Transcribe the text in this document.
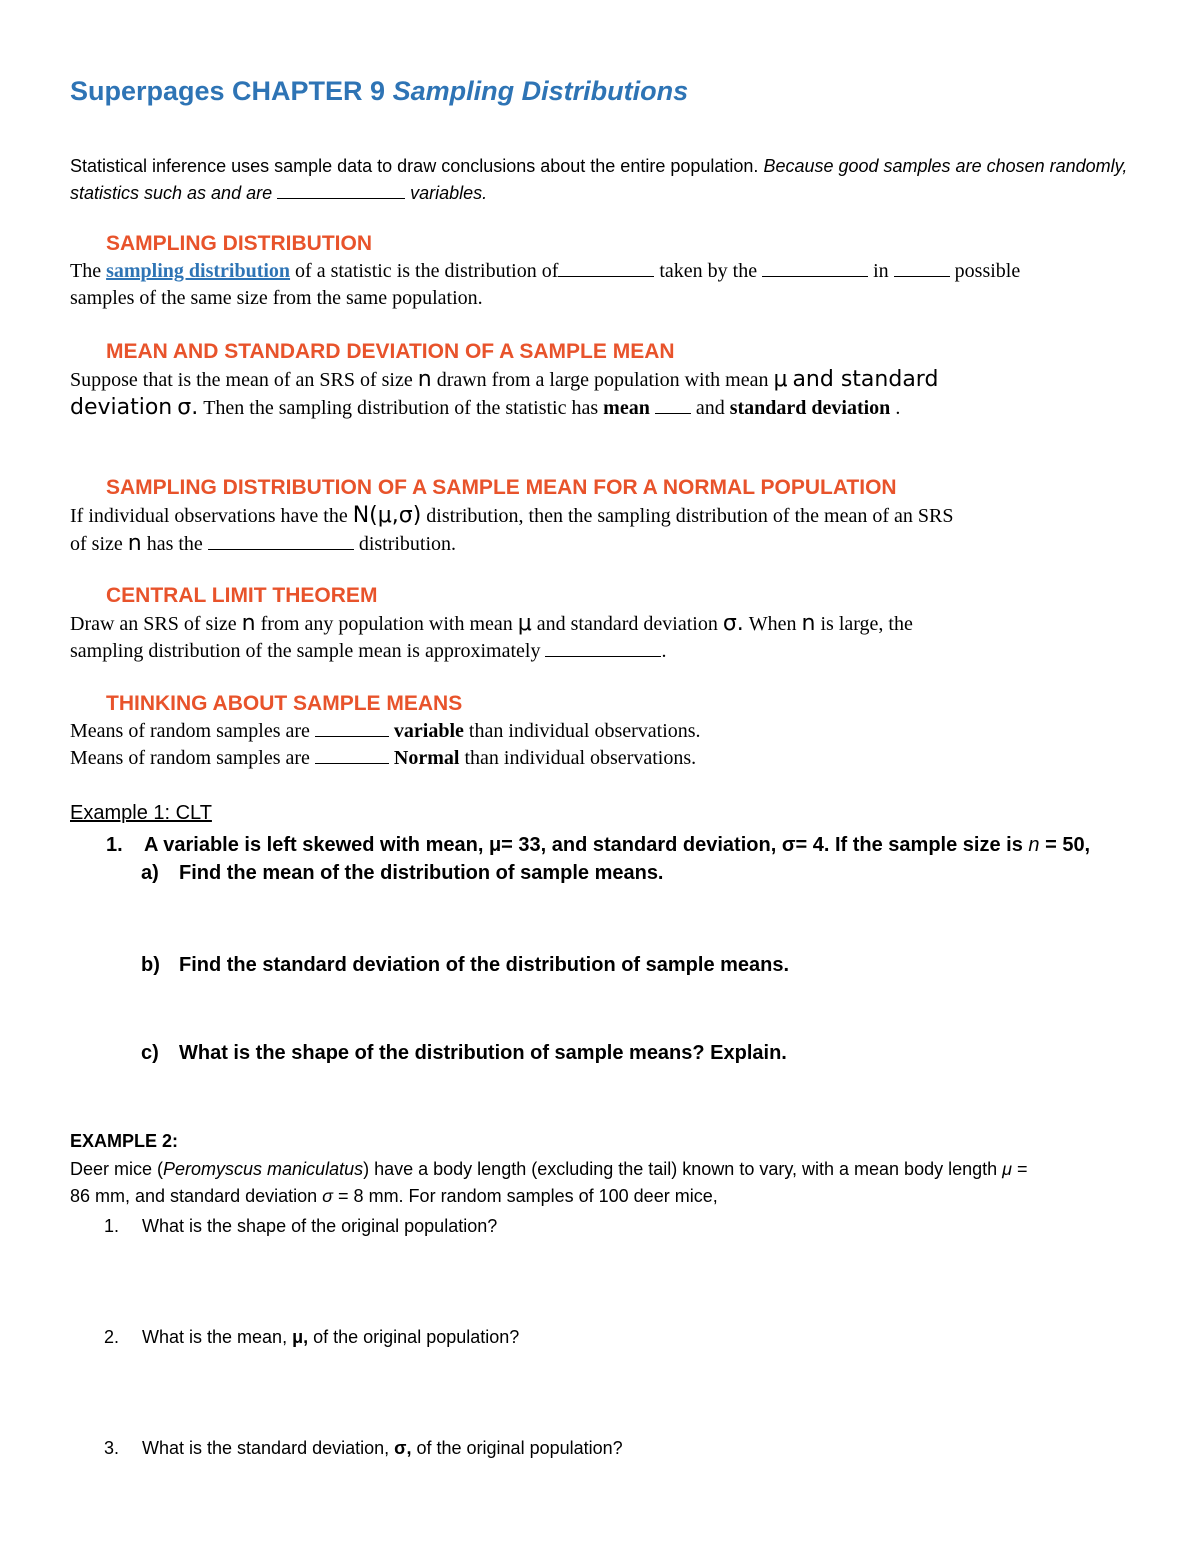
Superpages CHAPTER 9 Sampling Distributions
Statistical inference uses sample data to draw conclusions about the entire population. Because good samples are chosen randomly, statistics such as and are	variables.
SAMPLING DISTRIBUTION
The sampling distribution of a statistic is the distribution of	taken by the	in	possible
samples of the same size from the same population.
MEAN AND STANDARD DEVIATION OF A SAMPLE MEAN
Suppose that is the mean of an SRS of size n drawn from a large population with mean μ and standard
deviation σ. Then the sampling distribution of the statistic has mean and standard deviation .
SAMPLING DISTRIBUTION OF A SAMPLE MEAN FOR A NORMAL POPULATION
If individual observations have the N(μ,σ) distribution, then the sampling distribution of the mean of an SRS
of size n has the	distribution.
CENTRAL LIMIT THEOREM
Draw an SRS of size n from any population with mean μ and standard deviation σ. When n is large, the
sampling distribution of the sample mean is approximately	.
THINKING ABOUT SAMPLE MEANS
Means of random samples are	variable than individual observations.
Means of random samples are	Normal than individual observations.
Example 1: CLT
1. A variable is left skewed with mean, μ= 33, and standard deviation, σ= 4. If the sample size is n = 50,
a) Find the mean of the distribution of sample means.
b) Find the standard deviation of the distribution of sample means.
c) What is the shape of the distribution of sample means? Explain.
EXAMPLE 2:
Deer mice (Peromyscus maniculatus) have a body length (excluding the tail) known to vary, with a mean body length μ =
86 mm, and standard deviation σ = 8 mm. For random samples of 100 deer mice,
1. What is the shape of the original population?
2. What is the mean, μ, of the original population?
3. What is the standard deviation, σ, of the original population?
